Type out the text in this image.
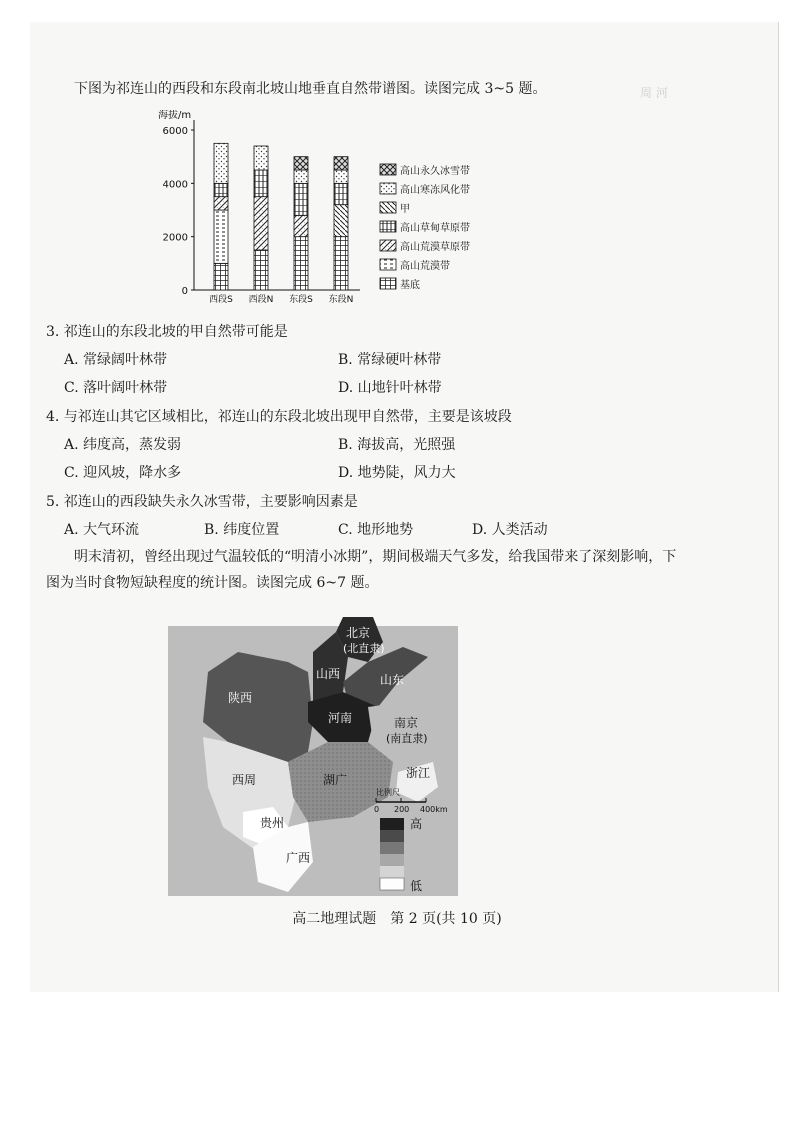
周 河
下图为祁连山的西段和东段南北坡山地垂直自然带谱图。读图完成 3~5 题。
海拔/m
0
2000
4000
6000
西段S 西段N 东段S 东段N
高山永久冰雪带
高山寒冻风化带
甲
高山草甸草原带
高山荒漠草原带
高山荒漠带
基底
3. 祁连山的东段北坡的甲自然带可能是
A. 常绿阔叶林带	B. 常绿硬叶林带
C. 落叶阔叶林带	D. 山地针叶林带
4. 与祁连山其它区域相比，祁连山的东段北坡出现甲自然带，主要是该坡段
A. 纬度高，蒸发弱	B. 海拔高，光照强
C. 迎风坡，降水多	D. 地势陡，风力大
5. 祁连山的西段缺失永久冰雪带，主要影响因素是
A. 大气环流	B. 纬度位置	C. 地形地势	D. 人类活动
明末清初，曾经出现过气温较低的“明清小冰期”，期间极端天气多发，给我国带来了深刻影响，下图为当时食物短缺程度的统计图。读图完成 6~7 题。
北京
(北直隶)
山西	山东
陕西
河南	南京
(南直隶)
西周	湖广	浙江
贵州
广西
比例尺
0 200 400km
高
低
高二地理试题　第 2 页(共 10 页)
